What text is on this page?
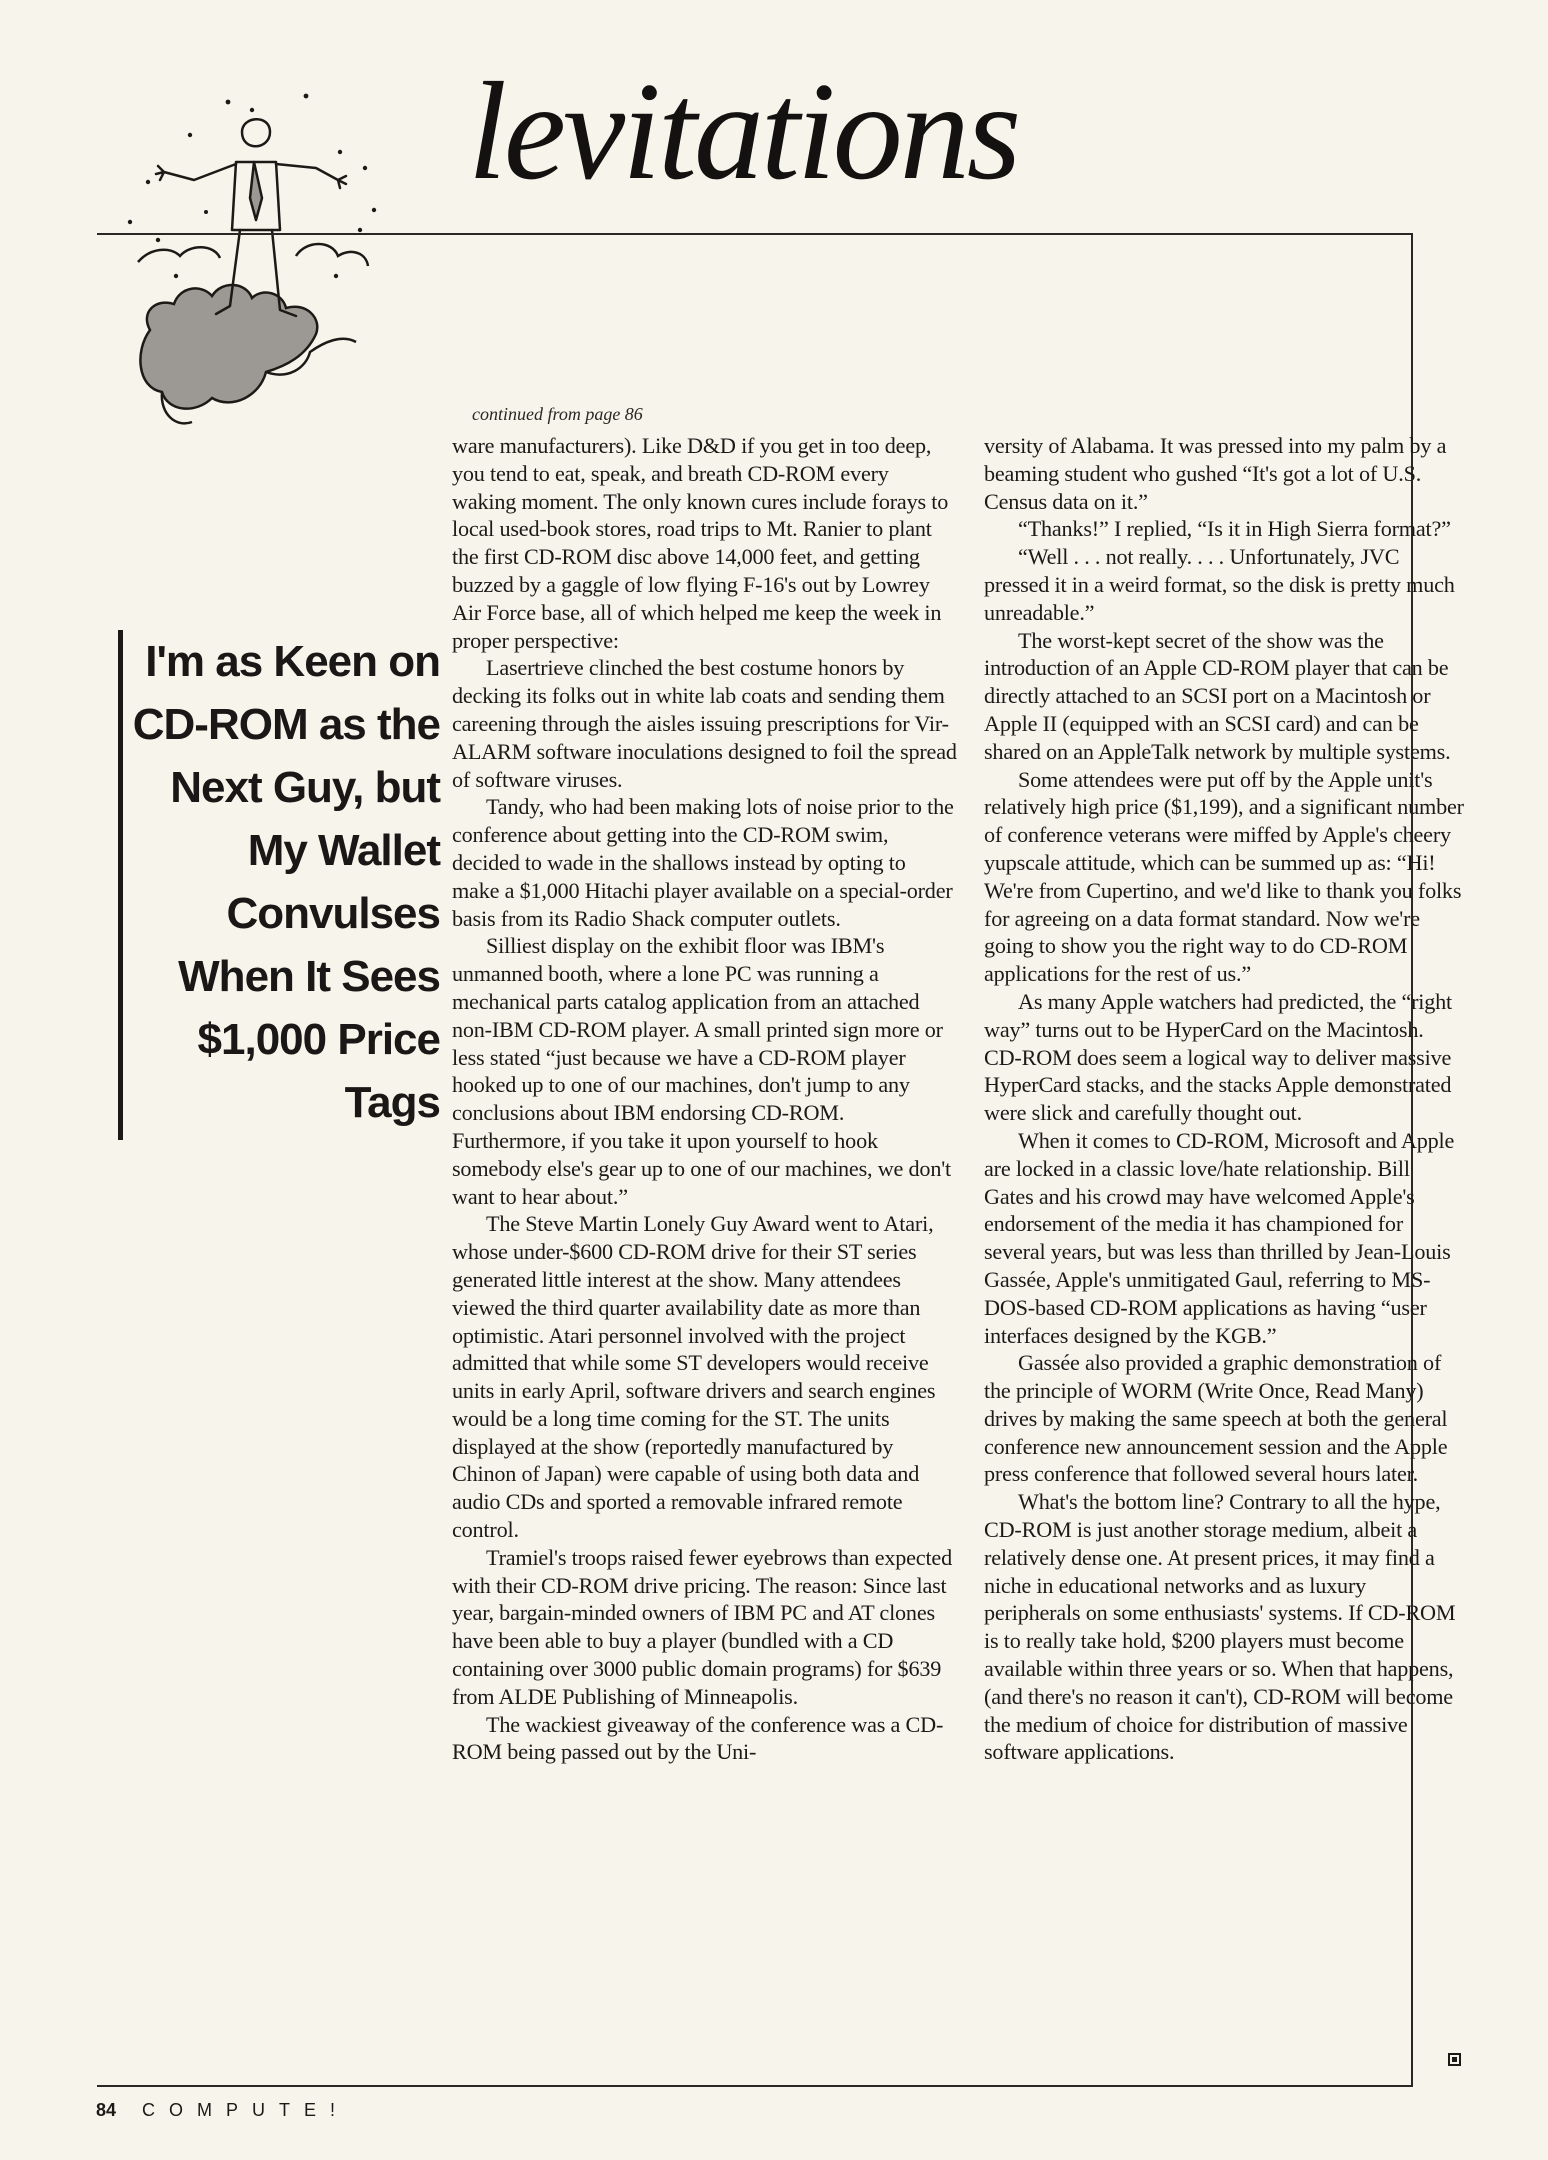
levitations

I'm as Keen on CD-ROM as the Next Guy, but My Wallet Convulses When It Sees $1,000 Price Tags

continued from page 86

ware manufacturers). Like D&D if you get in too deep, you tend to eat, speak, and breath CD-ROM every waking moment. The only known cures include forays to local used-book stores, road trips to Mt. Ranier to plant the first CD-ROM disc above 14,000 feet, and getting buzzed by a gaggle of low flying F-16's out by Lowrey Air Force base, all of which helped me keep the week in proper perspective:

Lasertrieve clinched the best costume honors by decking its folks out in white lab coats and sending them careening through the aisles issuing prescriptions for Vir-ALARM software inoculations designed to foil the spread of software viruses.

Tandy, who had been making lots of noise prior to the conference about getting into the CD-ROM swim, decided to wade in the shallows instead by opting to make a $1,000 Hitachi player available on a special-order basis from its Radio Shack computer outlets.

Silliest display on the exhibit floor was IBM's unmanned booth, where a lone PC was running a mechanical parts catalog application from an attached non-IBM CD-ROM player. A small printed sign more or less stated “just because we have a CD-ROM player hooked up to one of our machines, don't jump to any conclusions about IBM endorsing CD-ROM. Furthermore, if you take it upon yourself to hook somebody else's gear up to one of our machines, we don't want to hear about.”

The Steve Martin Lonely Guy Award went to Atari, whose under-$600 CD-ROM drive for their ST series generated little interest at the show. Many attendees viewed the third quarter availability date as more than optimistic. Atari personnel involved with the project admitted that while some ST developers would receive units in early April, software drivers and search engines would be a long time coming for the ST. The units displayed at the show (reportedly manufactured by Chinon of Japan) were capable of using both data and audio CDs and sported a removable infrared remote control.

Tramiel's troops raised fewer eyebrows than expected with their CD-ROM drive pricing. The reason: Since last year, bargain-minded owners of IBM PC and AT clones have been able to buy a player (bundled with a CD containing over 3000 public domain programs) for $639 from ALDE Publishing of Minneapolis.

The wackiest giveaway of the conference was a CD-ROM being passed out by the Uni-

versity of Alabama. It was pressed into my palm by a beaming student who gushed “It's got a lot of U.S. Census data on it.”

“Thanks!” I replied, “Is it in High Sierra format?”

“Well . . . not really. . . . Unfortunately, JVC pressed it in a weird format, so the disk is pretty much unreadable.”

The worst-kept secret of the show was the introduction of an Apple CD-ROM player that can be directly attached to an SCSI port on a Macintosh or Apple II (equipped with an SCSI card) and can be shared on an AppleTalk network by multiple systems.

Some attendees were put off by the Apple unit's relatively high price ($1,199), and a significant number of conference veterans were miffed by Apple's cheery yupscale attitude, which can be summed up as: “Hi! We're from Cupertino, and we'd like to thank you folks for agreeing on a data format standard. Now we're going to show you the right way to do CD-ROM applications for the rest of us.”

As many Apple watchers had predicted, the “right way” turns out to be HyperCard on the Macintosh. CD-ROM does seem a logical way to deliver massive HyperCard stacks, and the stacks Apple demonstrated were slick and carefully thought out.

When it comes to CD-ROM, Microsoft and Apple are locked in a classic love/hate relationship. Bill Gates and his crowd may have welcomed Apple's endorsement of the media it has championed for several years, but was less than thrilled by Jean-Louis Gassée, Apple's unmitigated Gaul, referring to MS-DOS-based CD-ROM applications as having “user interfaces designed by the KGB.”

Gassée also provided a graphic demonstration of the principle of WORM (Write Once, Read Many) drives by making the same speech at both the general conference new announcement session and the Apple press conference that followed several hours later.

What's the bottom line? Contrary to all the hype, CD-ROM is just another storage medium, albeit a relatively dense one. At present prices, it may find a niche in educational networks and as luxury peripherals on some enthusiasts' systems. If CD-ROM is to really take hold, $200 players must become available within three years or so. When that happens, (and there's no reason it can't), CD-ROM will become the medium of choice for distribution of massive software applications.

84 COMPUTE!
